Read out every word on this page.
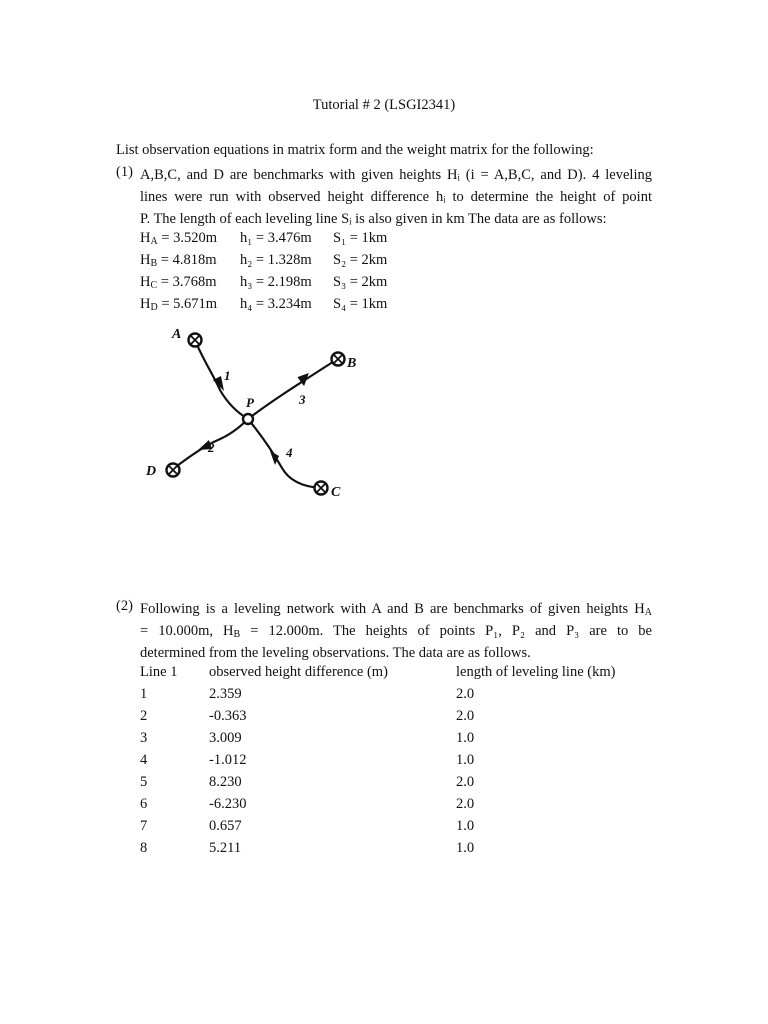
Tutorial # 2 (LSGI2341)
List observation equations in matrix form and the weight matrix for the following:
(1) A,B,C, and D are benchmarks with given heights Hᵢ (i = A,B,C, and D). 4 leveling
lines were run with observed height difference hᵢ to determine the height of point
P. The length of each leveling line Sᵢ is also given in km The data are as follows:
$H_A = 3.520m$ h₁ = 3.476m S₁ = 1km
$H_B = 4.818m$ h₂ = 1.328m S₂ = 2km
$H_C = 3.768m$ h₃ = 2.198m S₃ = 2km
$H_D = 5.671m$ h₄ = 3.234m S₄ = 1km
A
B
C
D
P
1
2
3
4
(2) Following is a leveling network with A and B are benchmarks of given heights $H_A$
= 10.000m, $H_B = 12.000m$. The heights of points P₁, P₂ and P₃ are to be
determined from the leveling observations. The data are as follows.
Line 1	observed height difference (m)	length of leveling line (km)
1	2.359	2.0
2	-0.363	2.0
3	3.009	1.0
4	-1.012	1.0
5	8.230	2.0
6	-6.230	2.0
7	0.657	1.0
8	5.211	1.0
